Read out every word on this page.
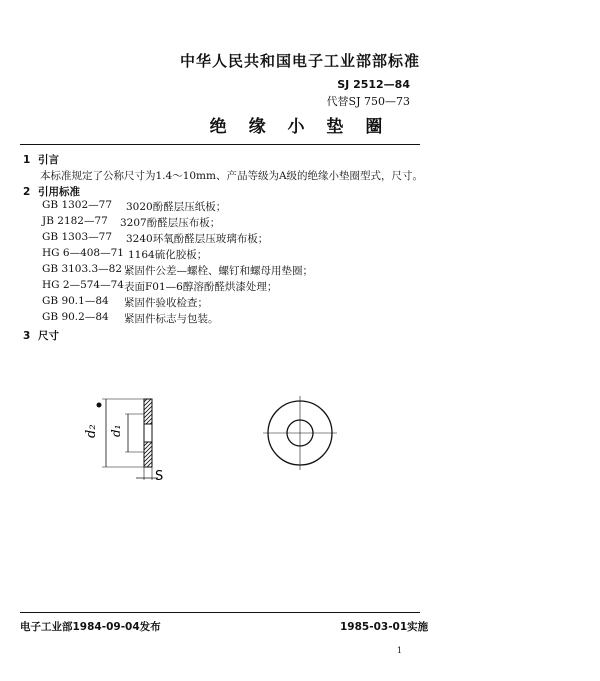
中华人民共和国电子工业部部标准
SJ 2512—84
代替SJ 750—73
绝 缘 小 垫 圈
1 引言
本标准规定了公称尺寸为1.4～10mm、产品等级为A级的绝缘小垫圈型式，尺寸。
2 引用标准
GB 1302—77 3020酚醛层压纸板；
JB 2182—77 3207酚醛层压布板；
GB 1303—77 3240环氧酚醛层压玻璃布板；
HG 6—408—71 1164硫化胶板；
GB 3103.3—82 紧固件公差—螺栓、螺钉和螺母用垫圈；
HG 2—574—74 表面F01—6醇溶酚醛烘漆处理；
GB 90.1—84 紧固件验收检查；
GB 90.2—84 紧固件标志与包装。
3 尺寸
d₂ d₁
S
电子工业部1984-09-04发布	1985-03-01实施
1
